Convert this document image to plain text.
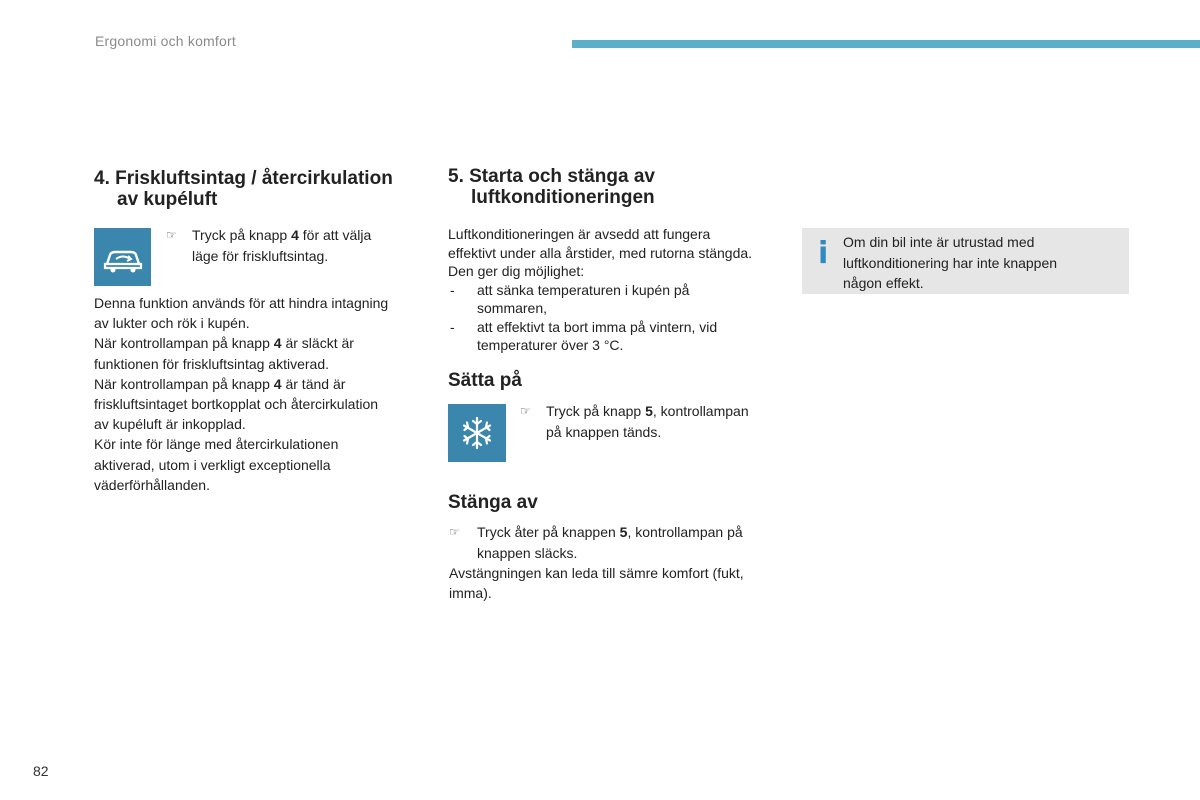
Ergonomi och komfort
4. Friskluftsintag / återcirkulation
av kupéluft
☞	Tryck på knapp 4 för att välja
läge för friskluftsintag.

Denna funktion används för att hindra intagning
av lukter och rök i kupén.
När kontrollampan på knapp 4 är släckt är
funktionen för friskluftsintag aktiverad.
När kontrollampan på knapp 4 är tänd är
friskluftsintaget bortkopplat och återcirkulation
av kupéluft är inkopplad.
Kör inte för länge med återcirkulationen
aktiverad, utom i verkligt exceptionella
väderförhållanden.

5. Starta och stänga av
luftkonditioneringen

Luftkonditioneringen är avsedd att fungera
effektivt under alla årstider, med rutorna stängda.
Den ger dig möjlighet:

- att sänka temperaturen i kupén på
sommaren,
- att effektivt ta bort imma på vintern, vid
temperaturer över 3 °C.
Sätta på
☞	Tryck på knapp 5, kontrollampan
på knappen tänds.
Stänga av
☞	Tryck åter på knappen 5, kontrollampan på
knappen släcks.

Avstängningen kan leda till sämre komfort (fukt,
imma).

i Om din bil inte är utrustad med
luftkonditionering har inte knappen
någon effekt.
82
